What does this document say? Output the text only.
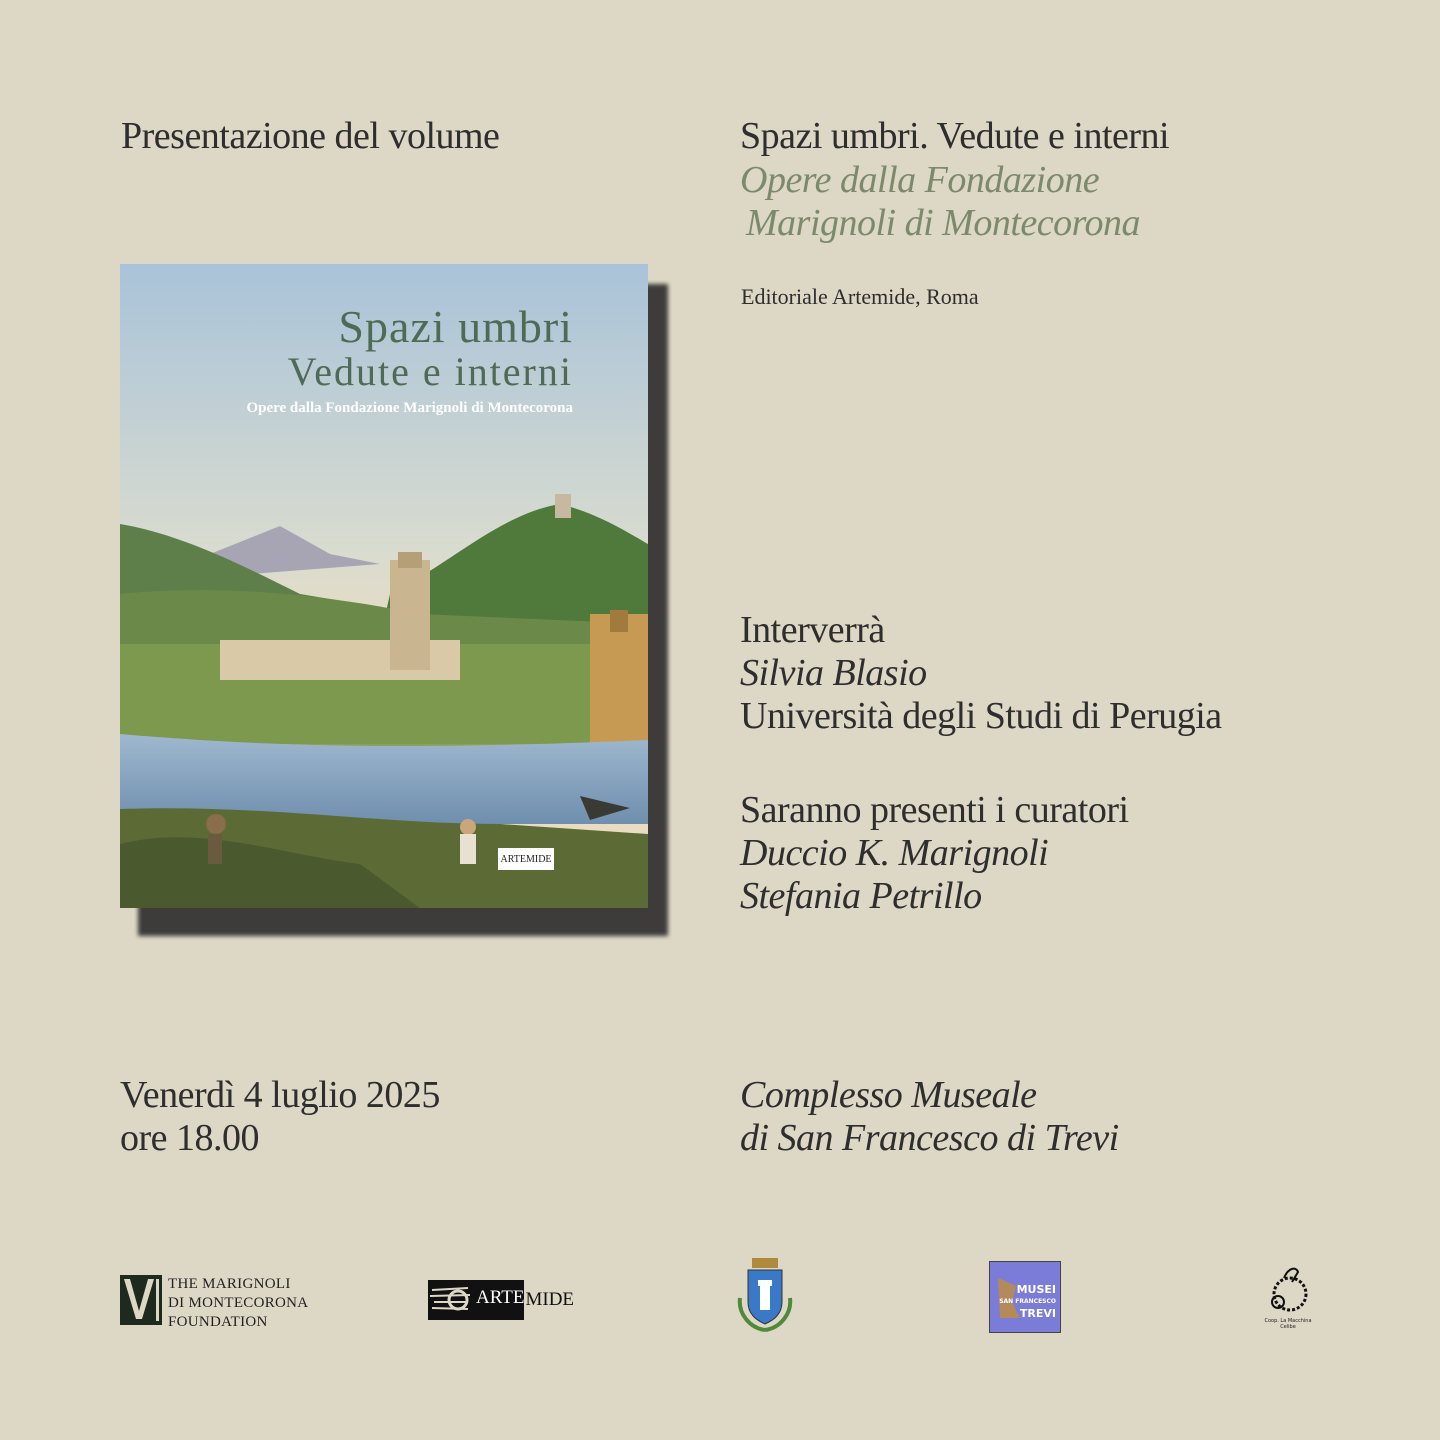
Presentazione del volume	Spazi umbri. Vedute e interni
Opere dalla Fondazione
Marignoli di Montecorona
Editoriale Artemide, Roma
Spazi umbri
Vedute e interni
Opere dalla Fondazione Marignoli di Montecorona
ARTEMIDE
Interverrà
Silvia Blasio
Università degli Studi di Perugia
Saranno presenti i curatori
Duccio K. Marignoli
Stefania Petrillo
Venerdì 4 luglio 2025
ore 18.00
Complesso Museale
di San Francesco di Trevi
THE MARIGNOLI
DI MONTECORONA
FOUNDATION
ARTE MIDE	MUSEI
SAN FRANCESCO
TREVI
Coop. La Macchina Celibe
